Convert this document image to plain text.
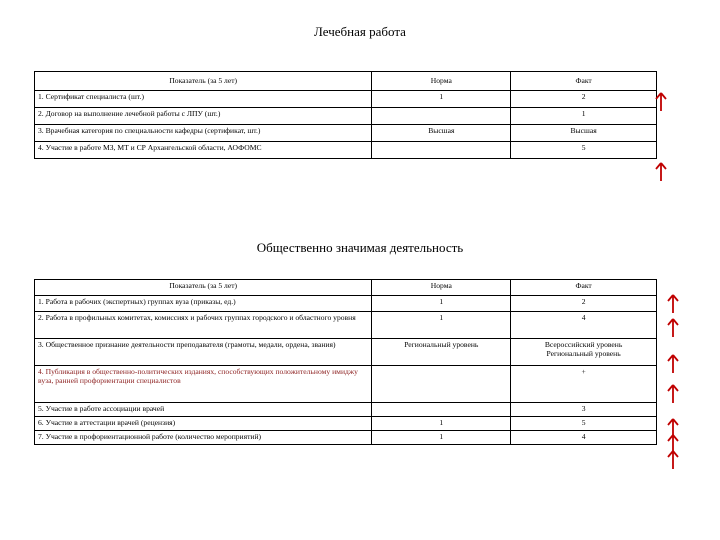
Лечебная работа
Показатель (за 5 лет)	Норма	Факт
1. Сертификат специалиста (шт.)	1	2
2. Договор на выполнение лечебной работы с ЛПУ (шт.)		1
3. Врачебная категория по специальности кафедры (сертификат, шт.)	Высшая	Высшая
4. Участие в работе МЗ, МТ и СР Архангельской области, АОФОМС		5
Общественно значимая деятельность
Показатель (за 5 лет)	Норма	Факт
1. Работа в рабочих (экспертных) группах вуза (приказы, ед.)	1	2
2. Работа в профильных комитетах, комиссиях и рабочих группах городского и областного уровня	1	4
3. Общественное признание деятельности преподавателя (грамоты, медали, ордена, звания)	Региональный уровень	Всероссийский уровень
Региональный уровень

4. Публикация в общественно-политических изданиях, способствующих положительному имиджу вуза, ранней профориентации специалистов		+
5. Участие в работе ассоциации врачей		3
6. Участие в аттестации врачей (рецензия)	1	5
7. Участие в профориентационной работе (количество мероприятий)	1	4
